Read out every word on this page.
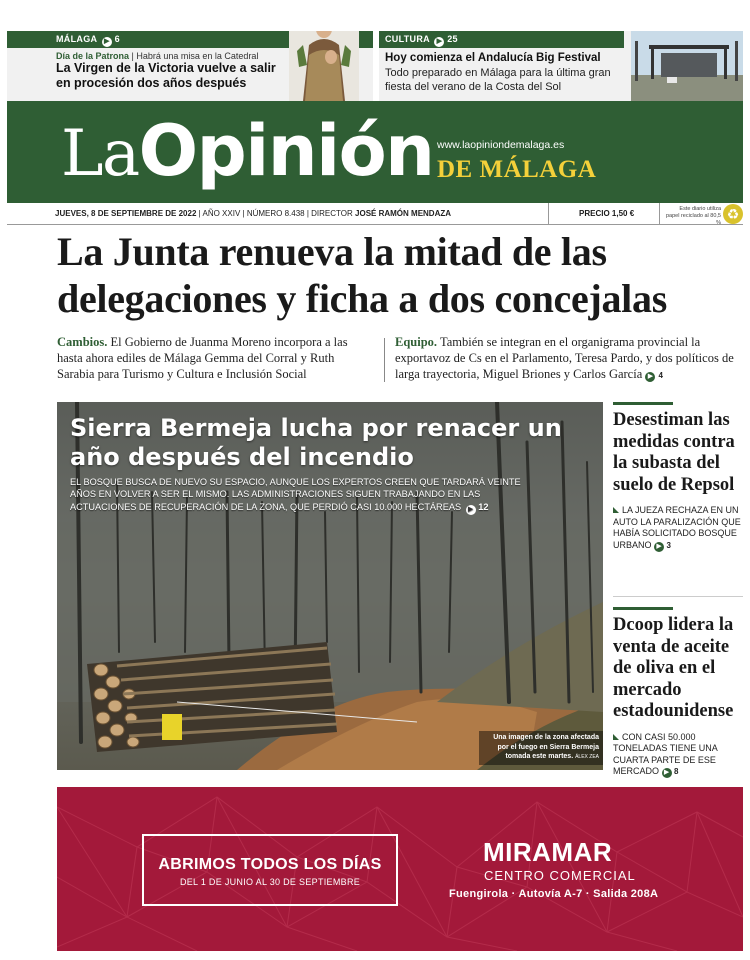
MÁLAGA ▶ 6
Día de la Patrona | Habrá una misa en la Catedral
La Virgen de la Victoria vuelve a salir en procesión dos años después
CULTURA ▶ 25
Hoy comienza el Andalucía Big Festival
Todo preparado en Málaga para la última gran fiesta del verano de la Costa del Sol
LaOpinión www.laopiniondemalaga.es
DE MÁLAGA
JUEVES, 8 DE SEPTIEMBRE DE 2022 | AÑO XXIV | NÚMERO 8.438 | DIRECTOR JOSÉ RAMÓN MENDAZA	PRECIO 1,50 €	Este diario utiliza papel reciclado al 80,5 %
♻
La Junta renueva la mitad de las delegaciones y ficha a dos concejalas
Cambios. El Gobierno de Juanma Moreno incorpora a las hasta ahora ediles de Málaga Gemma del Corral y Ruth Sarabia para Turismo y Cultura e Inclusión Social
Equipo. También se integran en el organigrama provincial la exportavoz de Cs en el Parlamento, Teresa Pardo, y dos políticos de larga trayectoria, Miguel Briones y Carlos García ▶ 4
Sierra Bermeja lucha por renacer un año después del incendio
EL BOSQUE BUSCA DE NUEVO SU ESPACIO, AUNQUE LOS EXPERTOS CREEN QUE TARDARÁ VEINTE AÑOS EN VOLVER A SER EL MISMO. LAS ADMINISTRACIONES SIGUEN TRABAJANDO EN LAS ACTUACIONES DE RECUPERACIÓN DE LA ZONA, QUE PERDIÓ CASI 10.000 HECTÁREAS ▶ 12
Una imagen de la zona afectada por el fuego en Sierra Bermeja tomada este martes. ÁLEX ZEA
Desestiman las medidas contra la subasta del suelo de Repsol
LA JUEZA RECHAZA EN UN AUTO LA PARALIZACIÓN QUE HABÍA SOLICITADO BOSQUE URBANO ▶ 3
Dcoop lidera la venta de aceite de oliva en el mercado estadounidense
CON CASI 50.000 TONELADAS TIENE UNA CUARTA PARTE DE ESE MERCADO ▶ 8
ABRIMOS TODOS LOS DÍAS
DEL 1 DE JUNIO AL 30 DE SEPTIEMBRE
MIRAMAR
CENTRO COMERCIAL
Fuengirola · Autovía A-7 · Salida 208A
